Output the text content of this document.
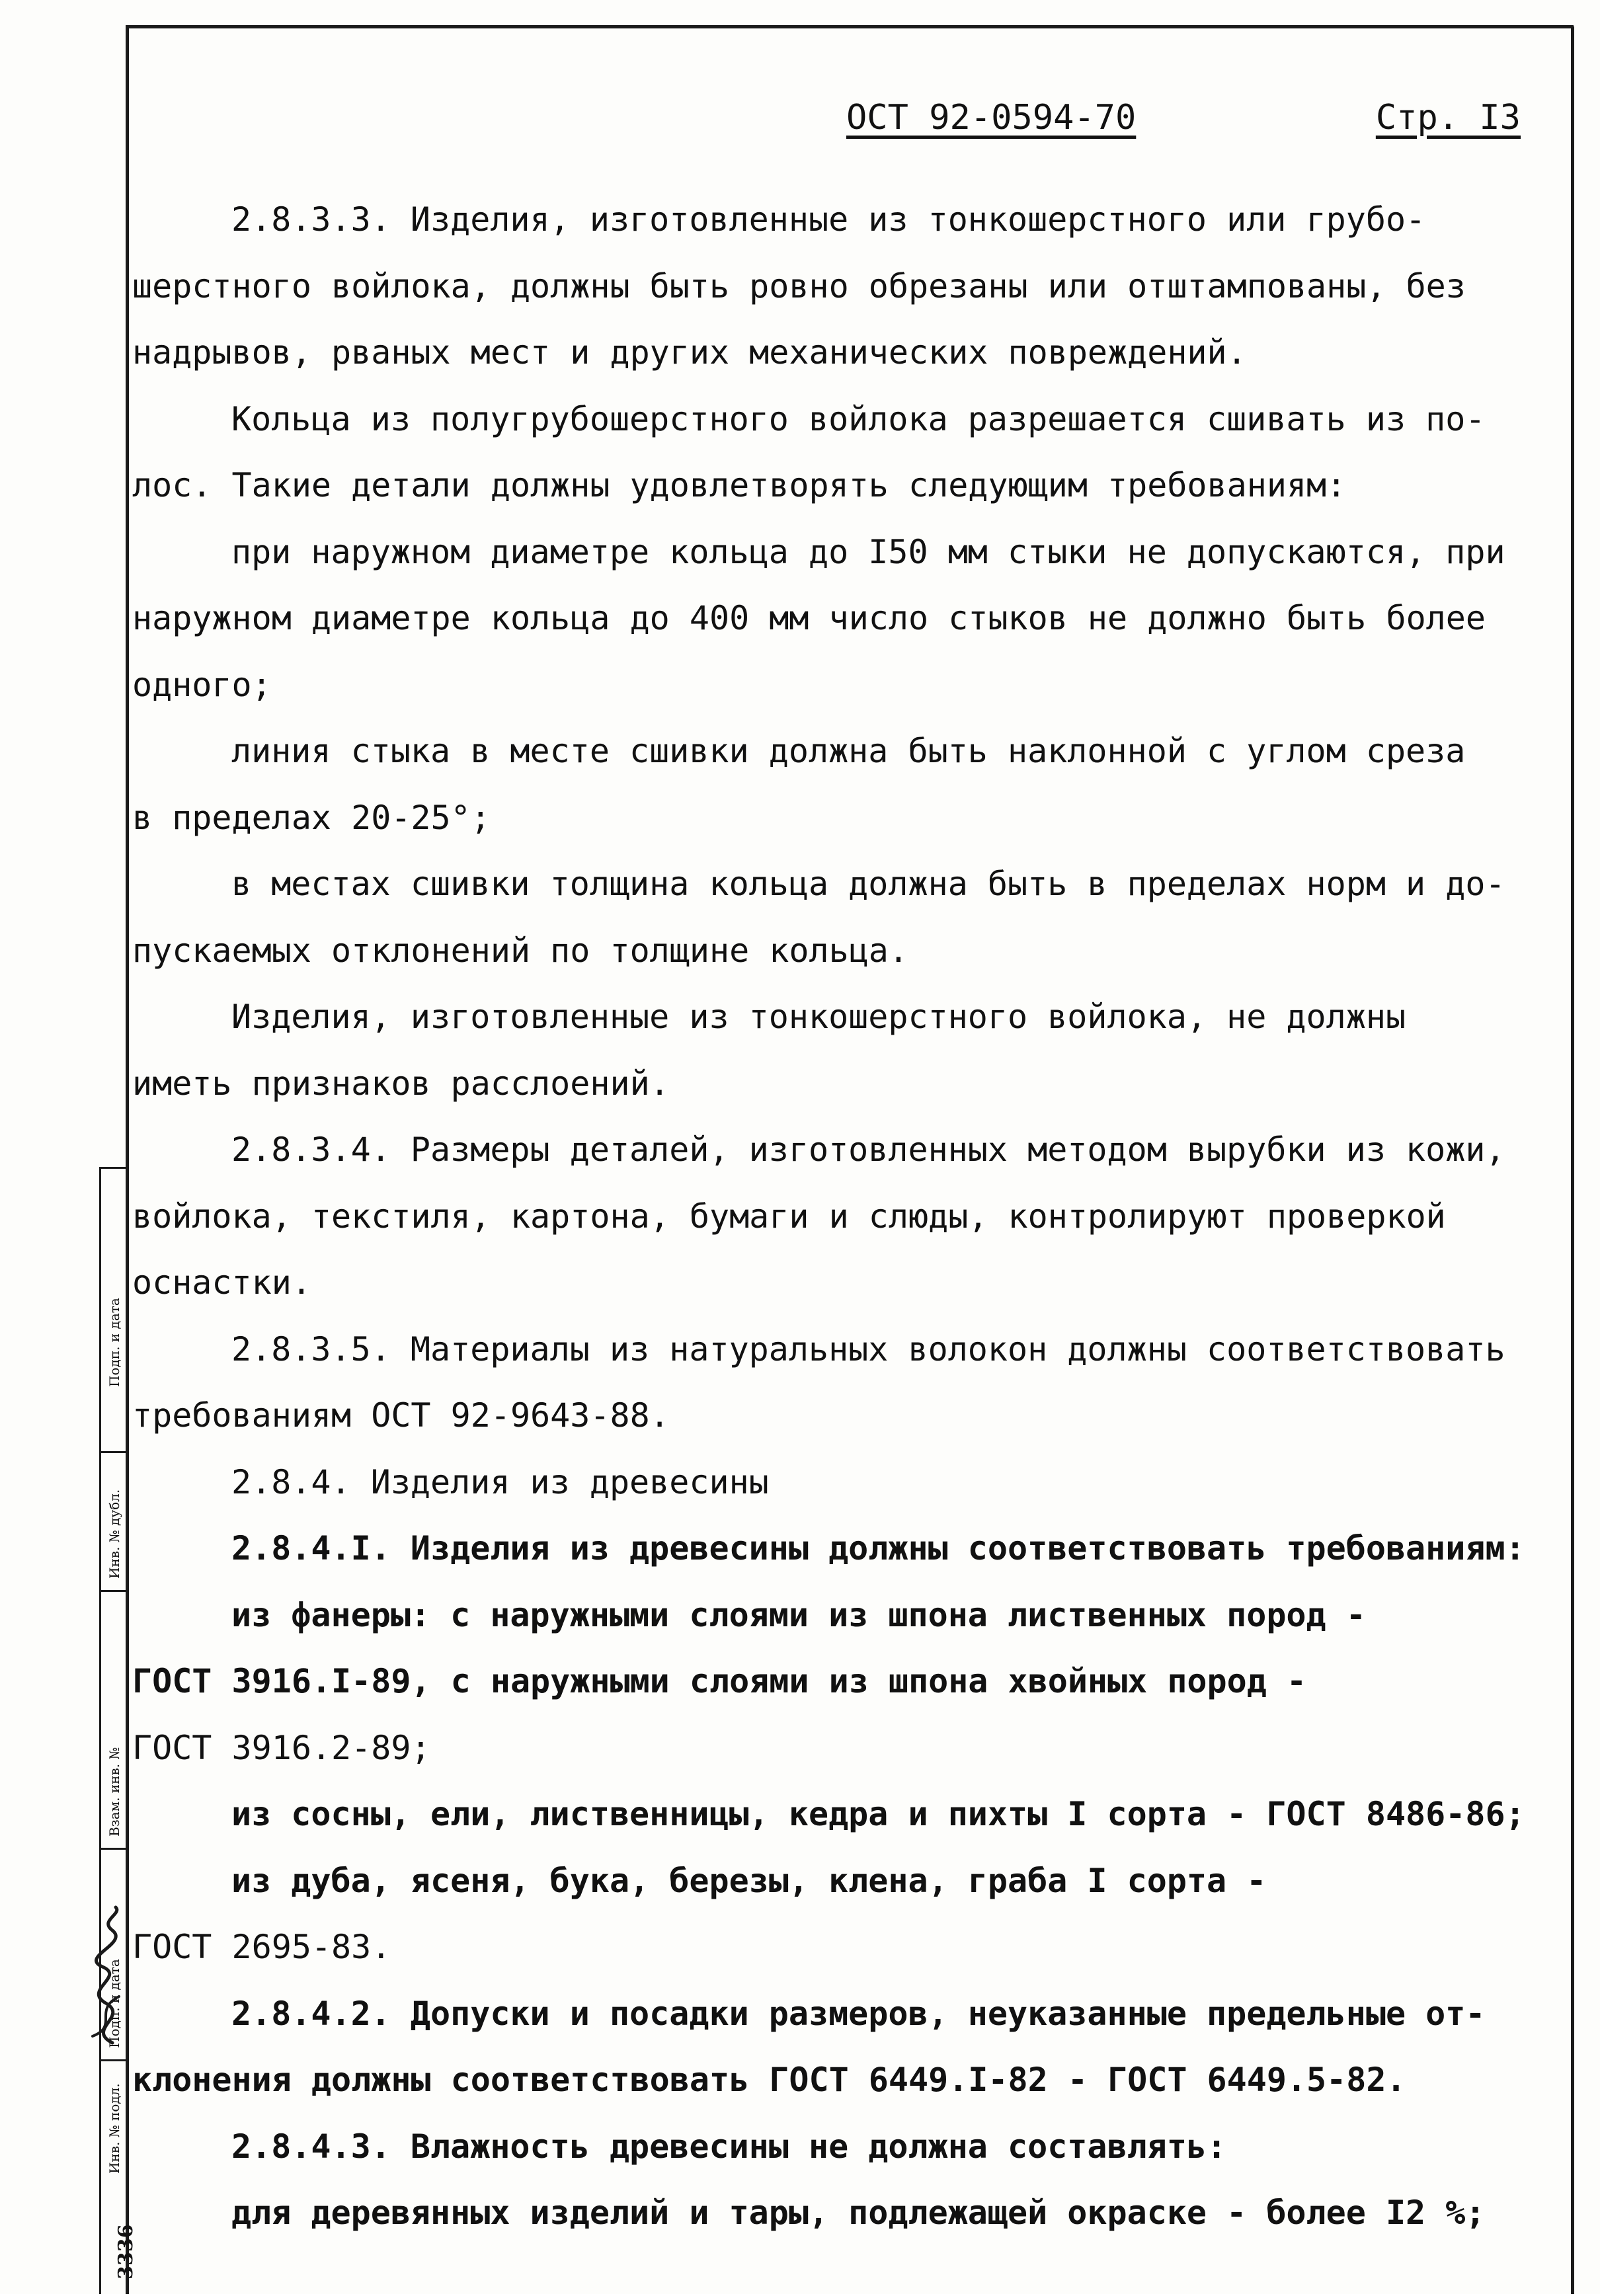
ОСТ 92-0594-70	Стр. I3
2.8.3.3. Изделия, изготовленные из тонкошерстного или грубо-
шерстного войлока, должны быть ровно обрезаны или отштампованы, без
надрывов, рваных мест и других механических повреждений.
Кольца из полугрубошерстного войлока разрешается сшивать из по-
лос. Такие детали должны удовлетворять следующим требованиям:
при наружном диаметре кольца до I50 мм стыки не допускаются, при
наружном диаметре кольца до 400 мм число стыков не должно быть более
одного;
линия стыка в месте сшивки должна быть наклонной с углом среза
в пределах 20-25°;
в местах сшивки толщина кольца должна быть в пределах норм и до-
пускаемых отклонений по толщине кольца.
Изделия, изготовленные из тонкошерстного войлока, не должны
иметь признаков расслоений.
2.8.3.4. Размеры деталей, изготовленных методом вырубки из кожи,
войлока, текстиля, картона, бумаги и слюды, контролируют проверкой
оснастки.
2.8.3.5. Материалы из натуральных волокон должны соответствовать
требованиям ОСТ 92-9643-88.
2.8.4. Изделия из древесины
2.8.4.I. Изделия из древесины должны соответствовать требованиям:
из фанеры: с наружными слоями из шпона лиственных пород -
ГОСТ 3916.I-89, с наружными слоями из шпона хвойных пород -
ГОСТ 3916.2-89;
из сосны, ели, лиственницы, кедра и пихты I сорта - ГОСТ 8486-86;
из дуба, ясеня, бука, березы, клена, граба I сорта -
ГОСТ 2695-83.
2.8.4.2. Допуски и посадки размеров, неуказанные предельные от-
клонения должны соответствовать ГОСТ 6449.I-82 - ГОСТ 6449.5-82.
2.8.4.3. Влажность древесины не должна составлять:
для деревянных изделий и тары, подлежащей окраске - более I2 %;
Подп. и дата
Инв. № дубл.
Взам. инв. №
Подп. и дата
Инв. № подл.
3336
